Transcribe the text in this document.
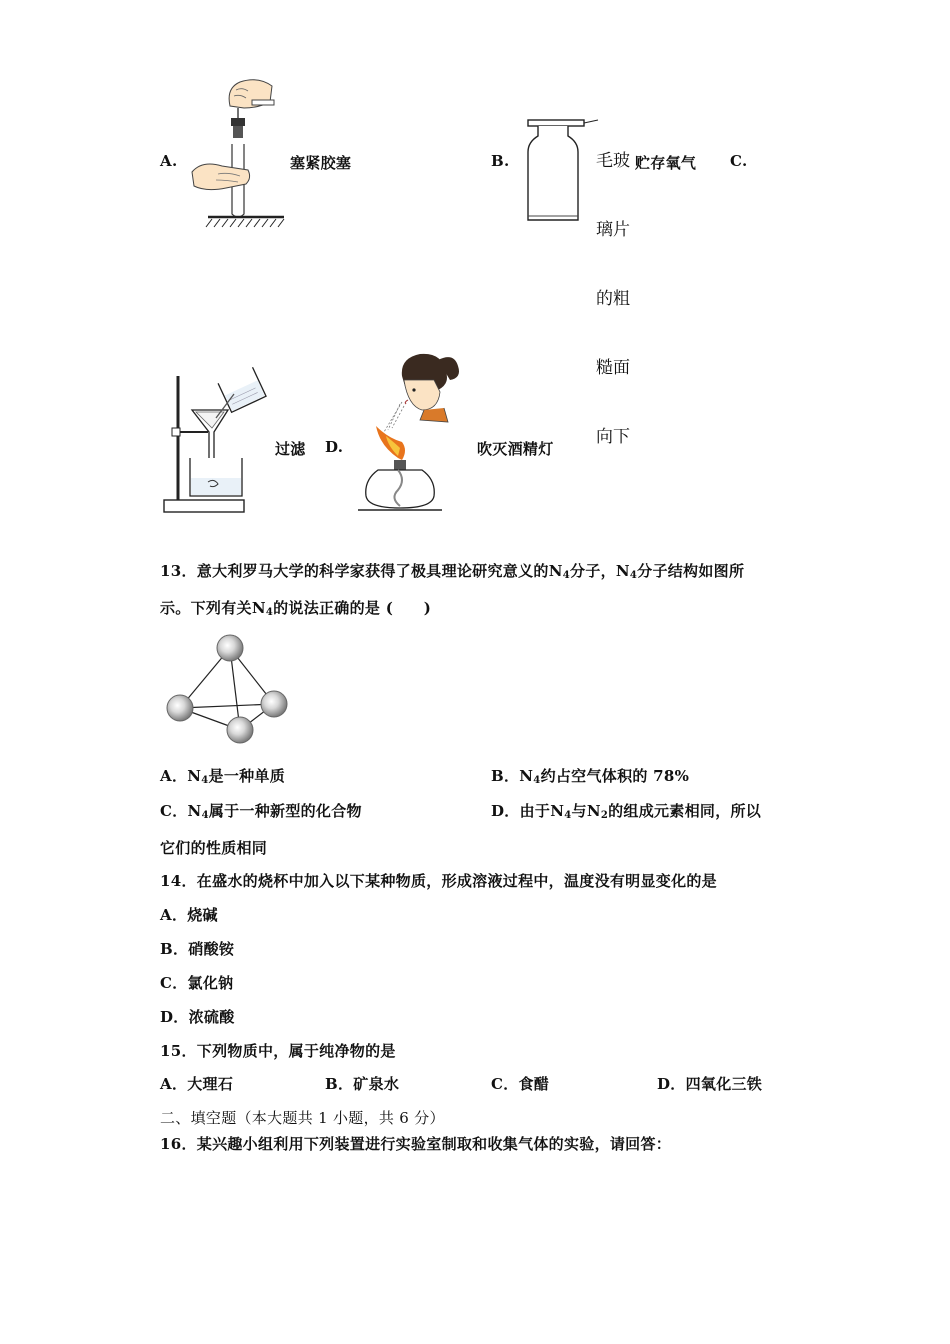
A.	塞紧胶塞	B.

	毛玻

璃片

的粗

糙面

向下

贮存氧气 C.
过滤 D.	吹灭酒精灯
13．意大利罗马大学的科学家获得了极具理论研究意义的$N_4$分子，$N_4$分子结构如图所
示。下列有关$N_4$的说法正确的是 (　　)
A．$N_4$是一种单质	B．$N_4$约占空气体积的 78%
C．$N_4$属于一种新型的化合物	D．由于$N_4$与$N_2$的组成元素相同，所以
它们的性质相同
14．在盛水的烧杯中加入以下某种物质，形成溶液过程中，温度没有明显变化的是
A．烧碱
B．硝酸铵
C．氯化钠
D．浓硫酸
15．下列物质中，属于纯净物的是
A．大理石	B．矿泉水	C．食醋	D．四氧化三铁
二、填空题（本大题共 1 小题，共 6 分）
16．某兴趣小组利用下列装置进行实验室制取和收集气体的实验，请回答：
